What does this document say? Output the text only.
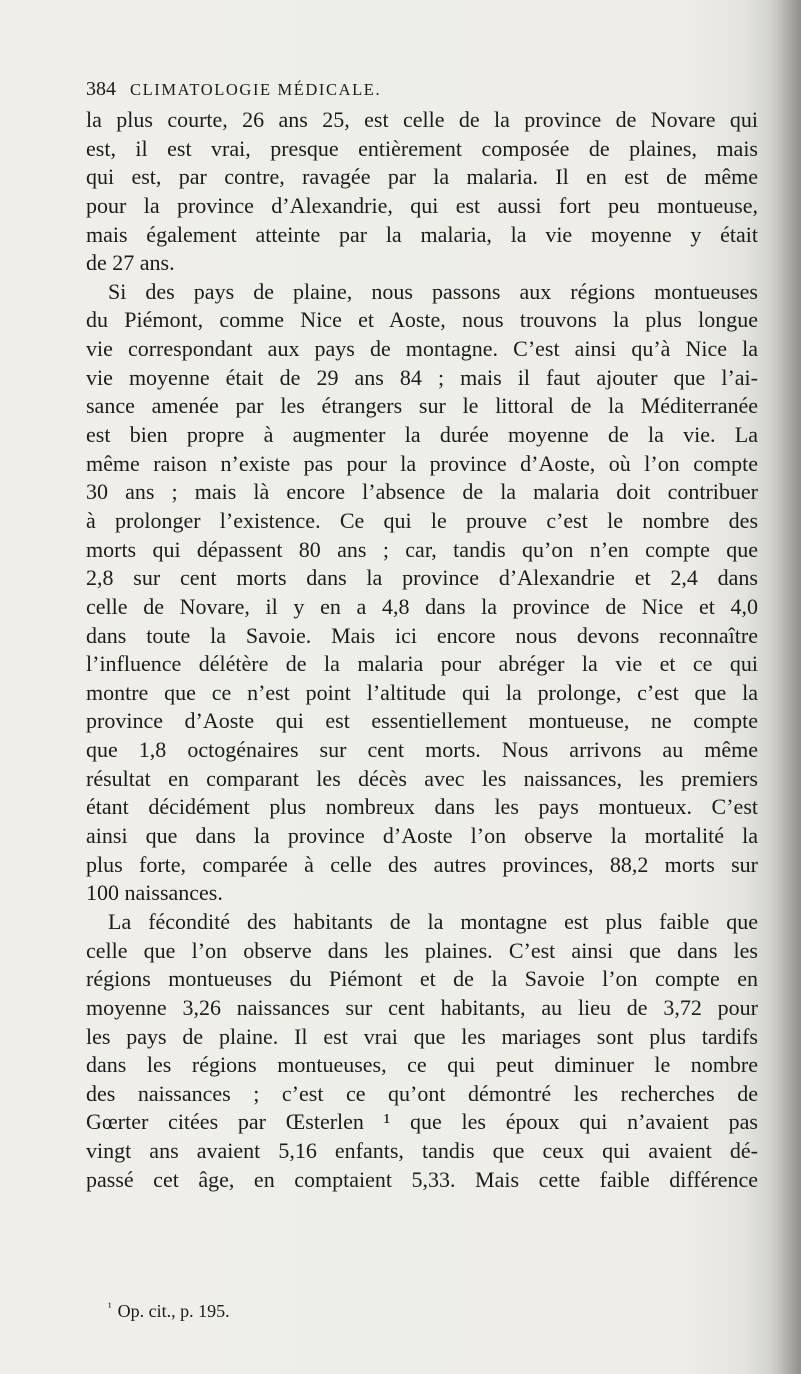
384 CLIMATOLOGIE MÉDICALE.
la plus courte, 26 ans 25, est celle de la province de Novare qui
est, il est vrai, presque entièrement composée de plaines, mais
qui est, par contre, ravagée par la malaria. Il en est de même
pour la province d’Alexandrie, qui est aussi fort peu montueuse,
mais également atteinte par la malaria, la vie moyenne y était
de 27 ans.
Si des pays de plaine, nous passons aux régions montueuses
du Piémont, comme Nice et Aoste, nous trouvons la plus longue
vie correspondant aux pays de montagne. C’est ainsi qu’à Nice la
vie moyenne était de 29 ans 84 ; mais il faut ajouter que l’ai-
sance amenée par les étrangers sur le littoral de la Méditerranée
est bien propre à augmenter la durée moyenne de la vie. La
même raison n’existe pas pour la province d’Aoste, où l’on compte
30 ans ; mais là encore l’absence de la malaria doit contribuer
à prolonger l’existence. Ce qui le prouve c’est le nombre des
morts qui dépassent 80 ans ; car, tandis qu’on n’en compte que
2,8 sur cent morts dans la province d’Alexandrie et 2,4 dans
celle de Novare, il y en a 4,8 dans la province de Nice et 4,0
dans toute la Savoie. Mais ici encore nous devons reconnaître
l’influence délétère de la malaria pour abréger la vie et ce qui
montre que ce n’est point l’altitude qui la prolonge, c’est que la
province d’Aoste qui est essentiellement montueuse, ne compte
que 1,8 octogénaires sur cent morts. Nous arrivons au même
résultat en comparant les décès avec les naissances, les premiers
étant décidément plus nombreux dans les pays montueux. C’est
ainsi que dans la province d’Aoste l’on observe la mortalité la
plus forte, comparée à celle des autres provinces, 88,2 morts sur
100 naissances.
La fécondité des habitants de la montagne est plus faible que
celle que l’on observe dans les plaines. C’est ainsi que dans les
régions montueuses du Piémont et de la Savoie l’on compte en
moyenne 3,26 naissances sur cent habitants, au lieu de 3,72 pour
les pays de plaine. Il est vrai que les mariages sont plus tardifs
dans les régions montueuses, ce qui peut diminuer le nombre
des naissances ; c’est ce qu’ont démontré les recherches de
Gœrter citées par Œsterlen ¹ que les époux qui n’avaient pas
vingt ans avaient 5,16 enfants, tandis que ceux qui avaient dé-
passé cet âge, en comptaient 5,33. Mais cette faible différence
$^{^1}$ Op. cit., p. 195.
